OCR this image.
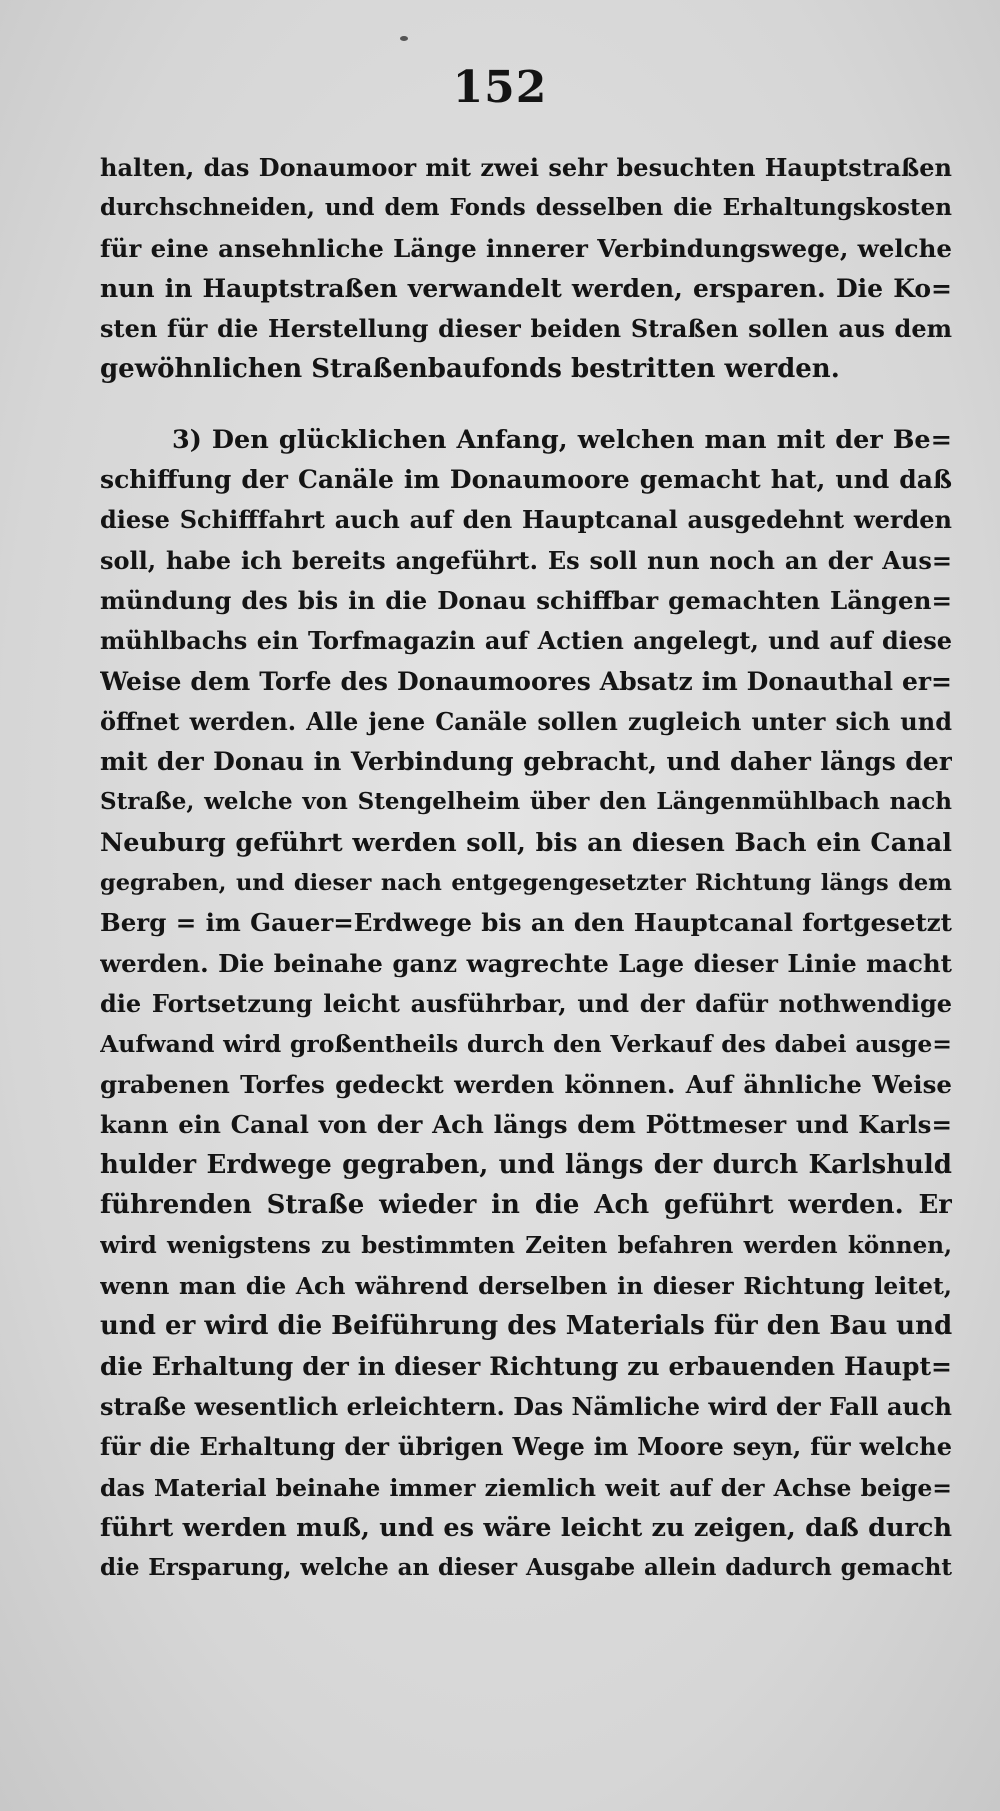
152
halten, das Donaumoor mit zwei sehr besuchten Hauptstraßen
durchschneiden, und dem Fonds desselben die Erhaltungskosten
für eine ansehnliche Länge innerer Verbindungswege, welche
nun in Hauptstraßen verwandelt werden, ersparen. Die Ko=
sten für die Herstellung dieser beiden Straßen sollen aus dem
gewöhnlichen Straßenbaufonds bestritten werden.
3) Den glücklichen Anfang, welchen man mit der Be=
schiffung der Canäle im Donaumoore gemacht hat, und daß
diese Schifffahrt auch auf den Hauptcanal ausgedehnt werden
soll, habe ich bereits angeführt. Es soll nun noch an der Aus=
mündung des bis in die Donau schiffbar gemachten Längen=
mühlbachs ein Torfmagazin auf Actien angelegt, und auf diese
Weise dem Torfe des Donaumoores Absatz im Donauthal er=
öffnet werden. Alle jene Canäle sollen zugleich unter sich und
mit der Donau in Verbindung gebracht, und daher längs der
Straße, welche von Stengelheim über den Längenmühlbach nach
Neuburg geführt werden soll, bis an diesen Bach ein Canal
gegraben, und dieser nach entgegengesetzter Richtung längs dem
Berg = im Gauer=Erdwege bis an den Hauptcanal fortgesetzt
werden. Die beinahe ganz wagrechte Lage dieser Linie macht
die Fortsetzung leicht ausführbar, und der dafür nothwendige
Aufwand wird großentheils durch den Verkauf des dabei ausge=
grabenen Torfes gedeckt werden können. Auf ähnliche Weise
kann ein Canal von der Ach längs dem Pöttmeser und Karls=
hulder Erdwege gegraben, und längs der durch Karlshuld
führenden Straße wieder in die Ach geführt werden. Er
wird wenigstens zu bestimmten Zeiten befahren werden können,
wenn man die Ach während derselben in dieser Richtung leitet,
und er wird die Beiführung des Materials für den Bau und
die Erhaltung der in dieser Richtung zu erbauenden Haupt=
straße wesentlich erleichtern. Das Nämliche wird der Fall auch
für die Erhaltung der übrigen Wege im Moore seyn, für welche
das Material beinahe immer ziemlich weit auf der Achse beige=
führt werden muß, und es wäre leicht zu zeigen, daß durch
die Ersparung, welche an dieser Ausgabe allein dadurch gemacht
